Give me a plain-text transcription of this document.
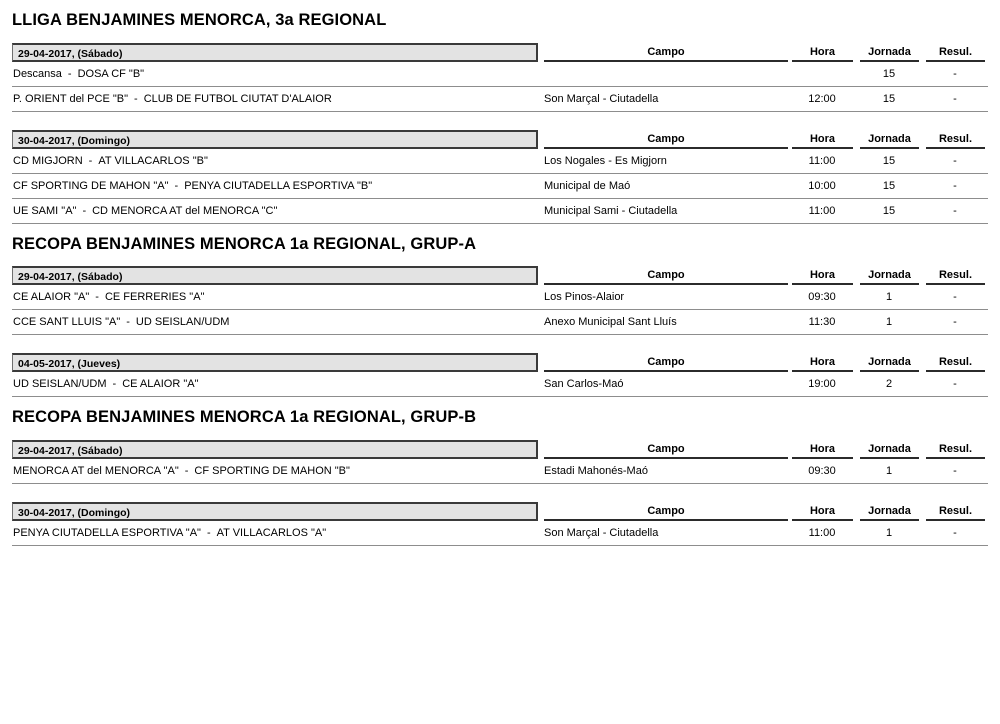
LLIGA BENJAMINES MENORCA, 3a REGIONAL
29-04-2017, (Sábado)	Campo	Hora	Jornada	Resul.

Descansa - DOSA CF "B"			15	-
P. ORIENT del PCE "B" - CLUB DE FUTBOL CIUTAT D'ALAIOR	Son Marçal - Ciutadella	12:00	15	-
30-04-2017, (Domingo)	Campo	Hora	Jornada	Resul.

CD MIGJORN - AT VILLACARLOS "B"	Los Nogales - Es Migjorn	11:00	15	-
CF SPORTING DE MAHON "A" - PENYA CIUTADELLA ESPORTIVA "B"	Municipal de Maó	10:00	15	-
UE SAMI "A" - CD MENORCA AT del MENORCA "C"	Municipal Sami - Ciutadella	11:00	15	-
RECOPA BENJAMINES MENORCA 1a REGIONAL, GRUP-A
29-04-2017, (Sábado)	Campo	Hora	Jornada	Resul.

CE ALAIOR "A" - CE FERRERIES "A"	Los Pinos-Alaior	09:30	1	-
CCE SANT LLUIS "A" - UD SEISLAN/UDM	Anexo Municipal Sant Lluís	11:30	1	-
04-05-2017, (Jueves)	Campo	Hora	Jornada	Resul.

UD SEISLAN/UDM - CE ALAIOR "A"	San Carlos-Maó	19:00	2	-
RECOPA BENJAMINES MENORCA 1a REGIONAL, GRUP-B
29-04-2017, (Sábado)	Campo	Hora	Jornada	Resul.

MENORCA AT del MENORCA "A" - CF SPORTING DE MAHON "B"	Estadi Mahonés-Maó	09:30	1	-
30-04-2017, (Domingo)	Campo	Hora	Jornada	Resul.

PENYA CIUTADELLA ESPORTIVA "A" - AT VILLACARLOS "A"	Son Marçal - Ciutadella	11:00	1	-
